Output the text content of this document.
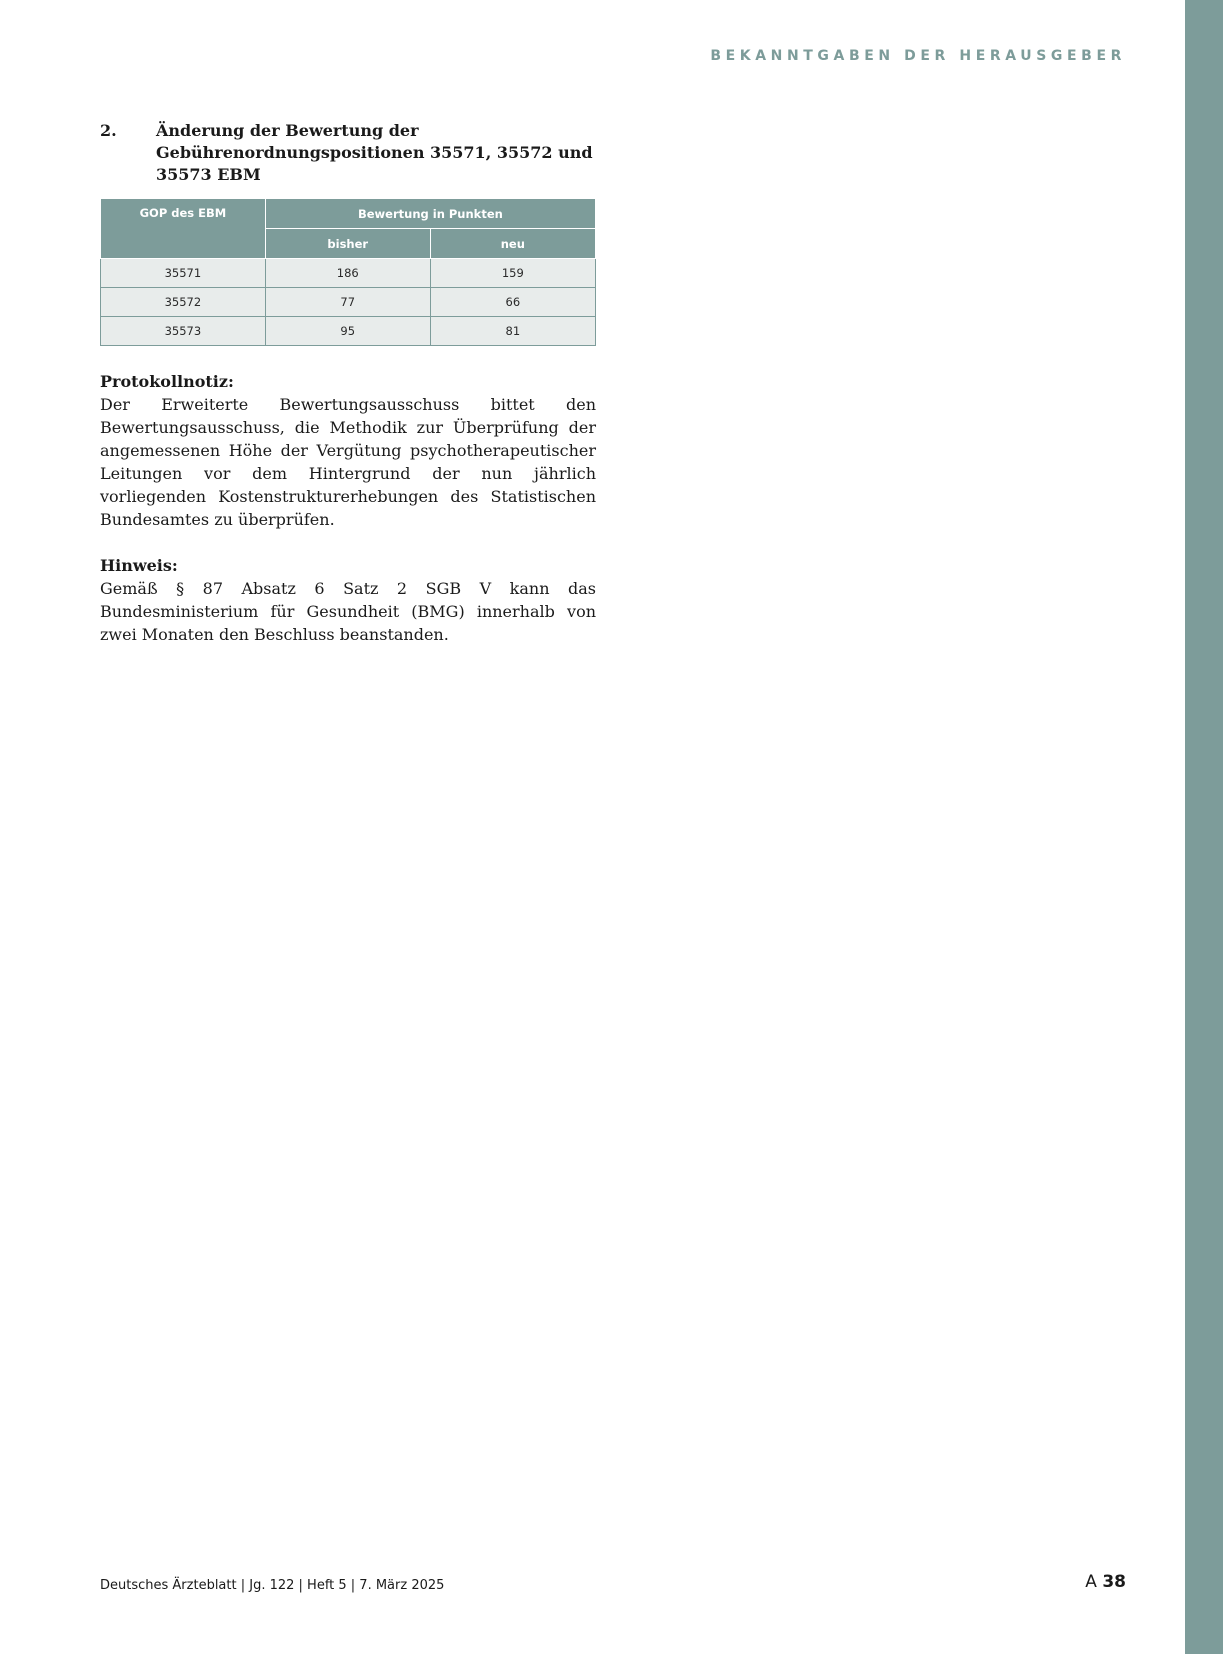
BEKANNTGABEN DER HERAUSGEBER
2.	Änderung der Bewertung der Gebührenordnungspositionen 35571, 35572 und 35573 EBM
GOP des EBM	Bewertung in Punkten	
	bisher	neu
35571	186	159
35572	77	66
35573	95	81
Protokollnotiz:

Der Erweiterte Bewertungsausschuss bittet den Bewertungsausschuss, die Methodik zur Überprüfung der angemessenen Höhe der Vergütung psychotherapeutischer Leitungen vor dem Hintergrund der nun jährlich vorliegenden Kostenstrukturerhebungen des Statistischen Bundesamtes zu überprüfen.

Hinweis:

Gemäß § 87 Absatz 6 Satz 2 SGB V kann das Bundesministerium für Gesundheit (BMG) innerhalb von zwei Monaten den Beschluss beanstanden.

Deutsches Ärzteblatt | Jg. 122 | Heft 5 | 7. März 2025	A 38
